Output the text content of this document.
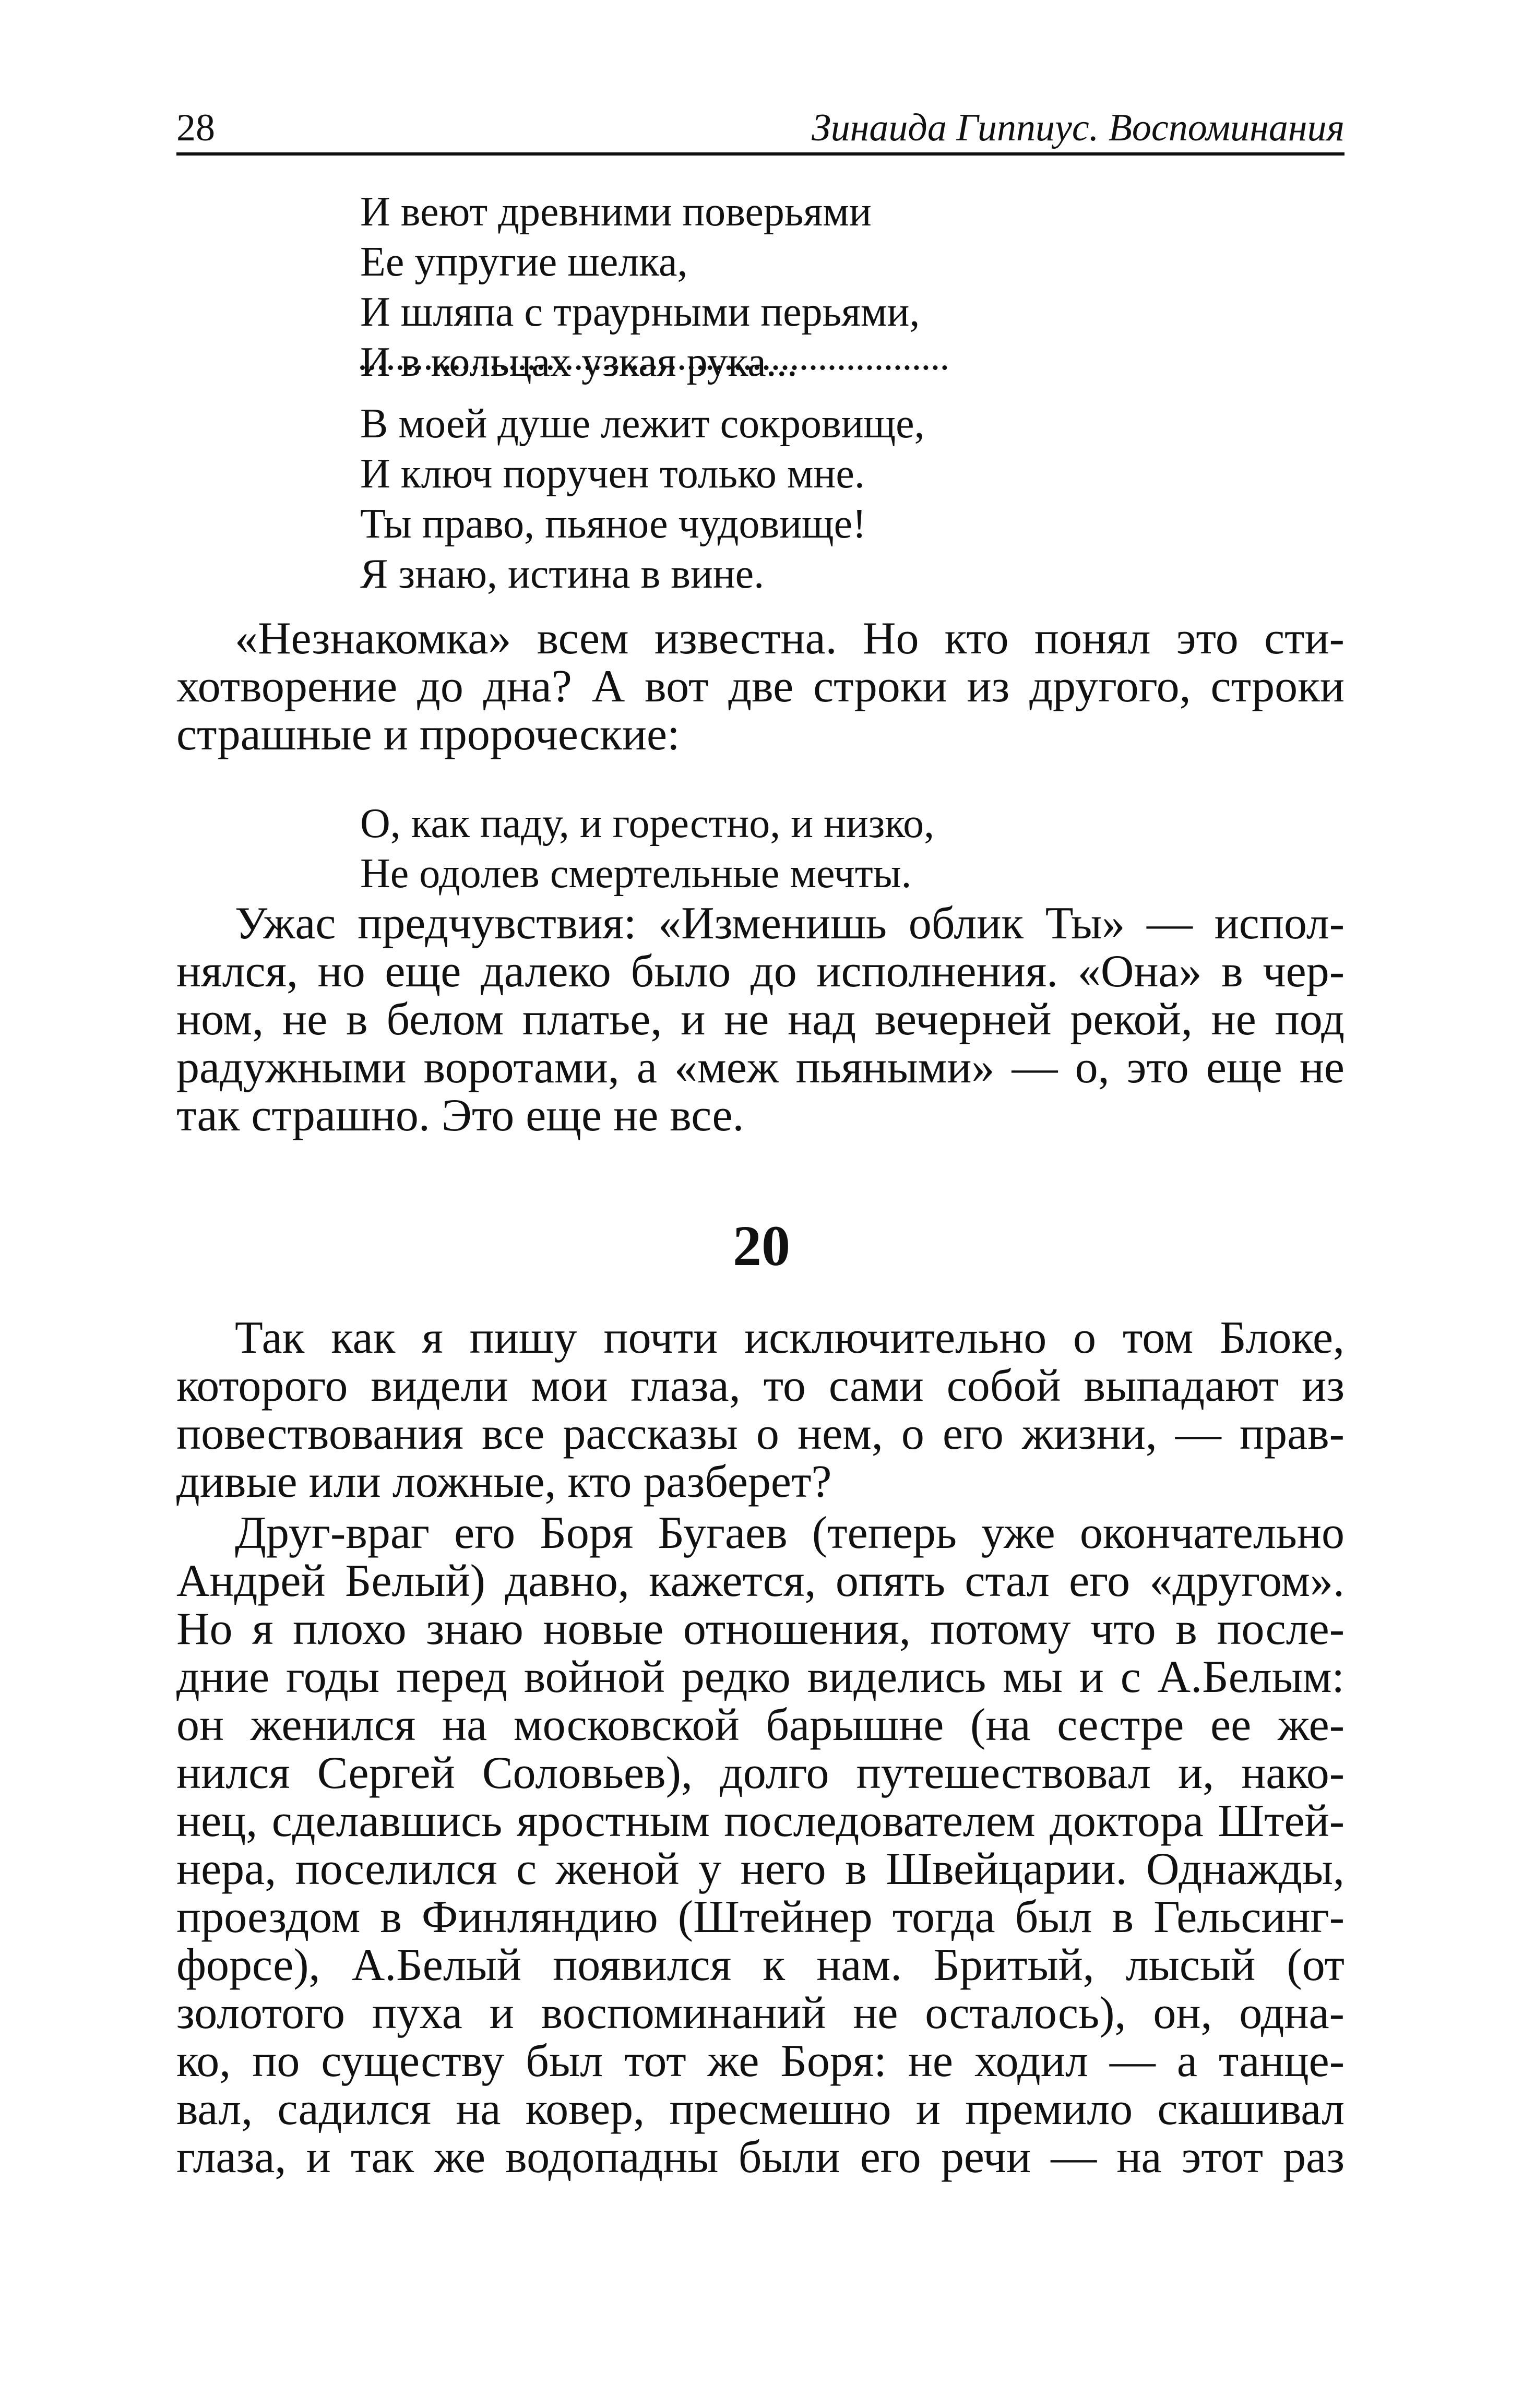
28	Зинаида Гиппиус. Воспоминания
И веют древними поверьями
Ее упругие шелка,
И шляпа с траурными перьями,
И в кольцах узкая рука...
В моей душе лежит сокровище,
И ключ поручен только мне.
Ты право, пьяное чудовище!
Я знаю, истина в вине.
«Незнакомка» всем известна. Но кто понял это сти-
хотворение до дна? А вот две строки из другого, строки
страшные и пророческие:
О, как паду, и горестно, и низко,
Не одолев смертельные мечты.
Ужас предчувствия: «Изменишь облик Ты» — испол-
нялся, но еще далеко было до исполнения. «Она» в чер-
ном, не в белом платье, и не над вечерней рекой, не под
радужными воротами, а «меж пьяными» — о, это еще не
так страшно. Это еще не все.
20
Так как я пишу почти исключительно о том Блоке,
которого видели мои глаза, то сами собой выпадают из
повествования все рассказы о нем, о его жизни, — прав-
дивые или ложные, кто разберет?
Друг-враг его Боря Бугаев (теперь уже окончательно
Андрей Белый) давно, кажется, опять стал его «другом».
Но я плохо знаю новые отношения, потому что в после-
дние годы перед войной редко виделись мы и с А.Белым:
он женился на московской барышне (на сестре ее же-
нился Сергей Соловьев), долго путешествовал и, нако-
нец, сделавшись яростным последователем доктора Штей-
нера, поселился с женой у него в Швейцарии. Однажды,
проездом в Финляндию (Штейнер тогда был в Гельсинг-
форсе), А.Белый появился к нам. Бритый, лысый (от
золотого пуха и воспоминаний не осталось), он, однa-
ко, по существу был тот же Боря: не ходил — а танце-
вал, садился на ковер, пресмешно и премило скашивал
глаза, и так же водопадны были его речи — на этот раз
